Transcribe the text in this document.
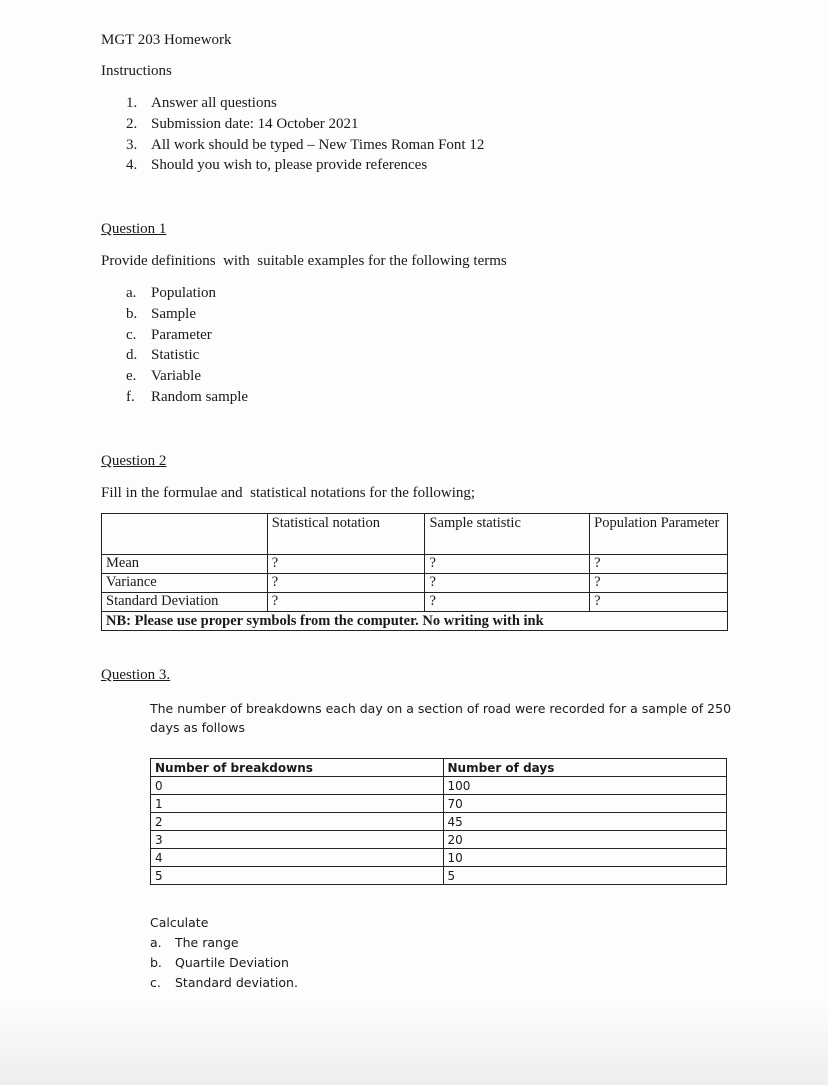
MGT 203 Homework
Instructions
1. Answer all questions
2. Submission date: 14 October 2021
3. All work should be typed – New Times Roman Font 12
4. Should you wish to, please provide references
Question 1
Provide definitions  with  suitable examples for the following terms
a. Population
b. Sample
c. Parameter
d. Statistic
e. Variable
f.	Random sample
Question 2
Fill in the formulae and  statistical notations for the following;
	Statistical notation	Sample statistic	Population Parameter
Mean	?	?	?
Variance	?	?	?
Standard Deviation	?	?	?
NB: Please use proper symbols from the computer. No writing with ink			
Question 3.
The number of breakdowns each day on a section of road were recorded for a sample of 250 days as follows
Number of breakdowns	Number of days
0	100
1	70
2	45
3	20
4	10
5	5
Calculate
a.	The range
b.	Quartile Deviation
c.	Standard deviation.
